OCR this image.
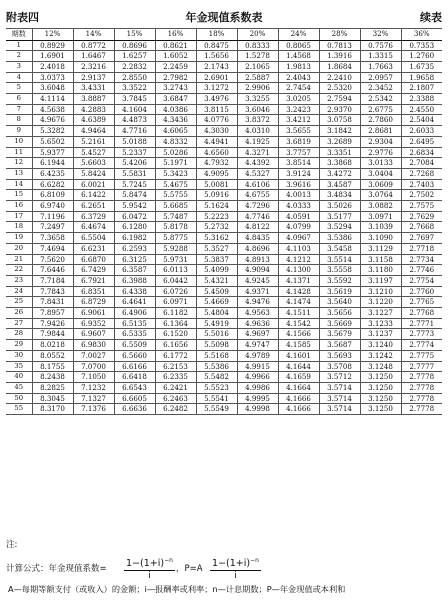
附表四	年金现值系数表	续表
期数	12%	14%	15%	16%	18%	20%	24%	28%	32%	36%
1	0.8929	0.8772	0.8696	0.8621	0.8475	0.8333	0.8065	0.7813	0.7576	0.7353
2	1.6901	1.6467	1.6257	1.6052	1.5656	1.5278	1.4568	1.3916	1.3315	1.2760
3	2.4018	2.3216	2.2832	2.2459	2.1743	2.1065	1.9813	1.8684	1.7663	1.6735
4	3.0373	2.9137	2.8550	2.7982	2.6901	2.5887	2.4043	2.2410	2.0957	1.9658
5	3.6048	3.4331	3.3522	3.2743	3.1272	2.9906	2.7454	2.5320	2.3452	2.1807
6	4.1114	3.8887	3.7845	3.6847	3.4976	3.3255	3.0205	2.7594	2.5342	2.3388
7	4.5638	4.2883	4.1604	4.0386	3.8115	3.6046	3.2423	2.9370	2.6775	2.4550
8	4.9676	4.6389	4.4873	4.3436	4.0776	3.8372	3.4212	3.0758	2.7860	2.5404
9	5.3282	4.9464	4.7716	4.6065	4.3030	4.0310	3.5655	3.1842	2.8681	2.6033
10	5.6502	5.2161	5.0188	4.8332	4.4941	4.1925	3.6819	3.2689	2.9304	2.6495
11	5.9377	5.4527	5.2337	5.0286	4.6560	4.3271	3.7757	3.3351	2.9776	2.6834
12	6.1944	5.6603	5.4206	5.1971	4.7932	4.4392	3.8514	3.3868	3.0133	2.7084
13	6.4235	5.8424	5.5831	5.3423	4.9095	4.5327	3.9124	3.4272	3.0404	2.7268
14	6.6282	6.0021	5.7245	5.4675	5.0081	4.6106	3.9616	3.4587	3.0609	2.7403
15	6.8109	6.1422	5.8474	5.5755	5.0916	4.6755	4.0013	3.4834	3.0764	2.7502
16	6.9740	6.2651	5.9542	5.6685	5.1624	4.7296	4.0333	3.5026	3.0882	2.7575
17	7.1196	6.3729	6.0472	5.7487	5.2223	4.7746	4.0591	3.5177	3.0971	2.7629
18	7.2497	6.4674	6.1280	5.8178	5.2732	4.8122	4.0799	3.5294	3.1039	2.7668
19	7.3658	6.5504	6.1982	5.8775	5.3162	4.8435	4.0967	3.5386	3.1090	2.7697
20	7.4694	6.6231	6.2593	5.9288	5.3527	4.8696	4.1103	3.5458	3.1129	2.7718
21	7.5620	6.6870	6.3125	5.9731	5.3837	4.8913	4.1212	3.5514	3.1158	2.7734
22	7.6446	6.7429	6.3587	6.0113	5.4099	4.9094	4.1300	3.5558	3.1180	2.7746
23	7.7184	6.7921	6.3988	6.0442	5.4321	4.9245	4.1371	3.5592	3.1197	2.7754
24	7.7843	6.8351	6.4338	6.0726	5.4509	4.9371	4.1428	3.5619	3.1210	2.7760
25	7.8431	6.8729	6.4641	6.0971	5.4669	4.9476	4.1474	3.5640	3.1220	2.7765
26	7.8957	6.9061	6.4906	6.1182	5.4804	4.9563	4.1511	3.5656	3.1227	2.7768
27	7.9426	6.9352	6.5135	6.1364	5.4919	4.9636	4.1542	3.5669	3.1233	2.7771
28	7.9844	6.9607	6.5335	6.1520	5.5016	4.9697	4.1566	3.5679	3.1237	2.7773
29	8.0218	6.9830	6.5509	6.1656	5.5098	4.9747	4.1585	3.5687	3.1240	2.7774
30	8.0552	7.0027	6.5660	6.1772	5.5168	4.9789	4.1601	3.5693	3.1242	2.7775
35	8.1755	7.0700	6.6166	6.2153	5.5386	4.9915	4.1644	3.5708	3.1248	2.7777
40	8.2438	7.1050	6.6418	6.2335	5.5482	4.9966	4.1659	3.5712	3.1250	2.7778
45	8.2825	7.1232	6.6543	6.2421	5.5523	4.9986	4.1664	3.5714	3.1250	2.7778
50	8.3045	7.1327	6.6605	6.2463	5.5541	4.9995	4.1666	3.5714	3.1250	2.7778
55	8.3170	7.1376	6.6636	6.2482	5.5549	4.9998	4.1666	3.5714	3.1250	2.7778
注:
计算公式：年金现值系数= $\frac{1-(1+i)^{-n}}{i}$ ，$P=A \frac{1-(1+i)^{-n}}{i}$
A—每期等额支付（或收入）的金额；i—报酬率或利率；n—计息期数；P—年金现值或本利和
